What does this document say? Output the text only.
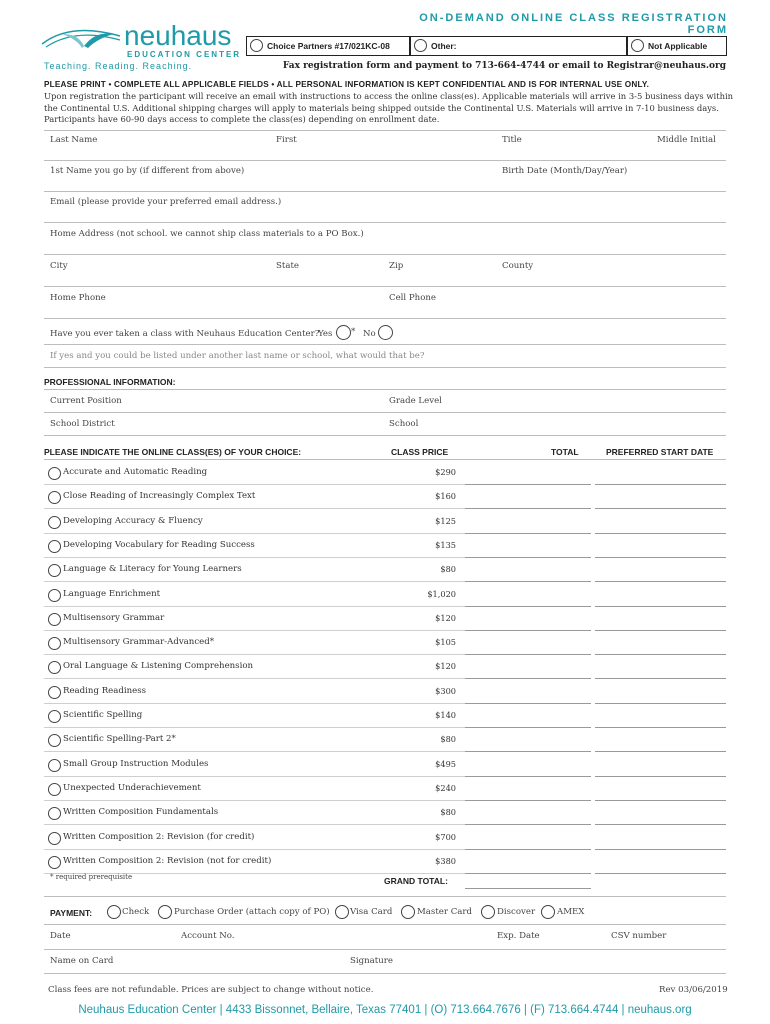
ON-DEMAND ONLINE CLASS REGISTRATION FORM
neuhaus
EDUCATION CENTER
Teaching. Reading. Reaching.
Choice Partners #17/021KC-08	Other:	Not Applicable
Fax registration form and payment to 713-664-4744 or email to Registrar@neuhaus.org
PLEASE PRINT • COMPLETE ALL APPLICABLE FIELDS • ALL PERSONAL INFORMATION IS KEPT CONFIDENTIAL AND IS FOR INTERNAL USE ONLY.
Upon registration the participant will receive an email with instructions to access the online class(es). Applicable materials will arrive in 3-5 business days within the Continental U.S. Additional shipping charges will apply to materials being shipped outside the Continental U.S. Materials will arrive in 7-10 business days. Participants have 60-90 days access to complete the class(es) depending on enrollment date.
Last Name	First	Title	Middle Initial
1st Name you go by (if different from above)	Birth Date (Month/Day/Year)
Email (please provide your preferred email address.)
Home Address (not school. we cannot ship class materials to a PO Box.)
City	State	Zip	County
Home Phone	Cell Phone
Have you ever taken a class with Neuhaus Education Center?
Yes * No
If yes and you could be listed under another last name or school, what would that be?
PROFESSIONAL INFORMATION:
Current Position	Grade Level
School District	School
PLEASE INDICATE THE ONLINE CLASS(ES) OF YOUR CHOICE:	CLASS PRICE	TOTAL	PREFERRED START DATE
Accurate and Automatic Reading	$290
Close Reading of Increasingly Complex Text	$160
Developing Accuracy & Fluency	$125
Developing Vocabulary for Reading Success	$135
Language & Literacy for Young Learners	$80
Language Enrichment	$1,020
Multisensory Grammar	$120
Multisensory Grammar-Advanced*	$105
Oral Language & Listening Comprehension	$120
Reading Readiness	$300
Scientific Spelling	$140
Scientific Spelling-Part 2*	$80
Small Group Instruction Modules	$495
Unexpected Underachievement	$240
Written Composition Fundamentals	$80
Written Composition 2: Revision (for credit)	$700
Written Composition 2: Revision (not for credit)	$380
* required prerequisite	GRAND TOTAL:
PAYMENT:	Check	Purchase Order (attach copy of PO) Visa Card	Master Card	Discover	AMEX
Date	Account No.	Exp. Date	CSV number
Name on Card	Signature
Class fees are not refundable. Prices are subject to change without notice.	Rev 03/06/2019
Neuhaus Education Center | 4433 Bissonnet, Bellaire, Texas 77401 | (O) 713.664.7676 | (F) 713.664.4744 | neuhaus.org
